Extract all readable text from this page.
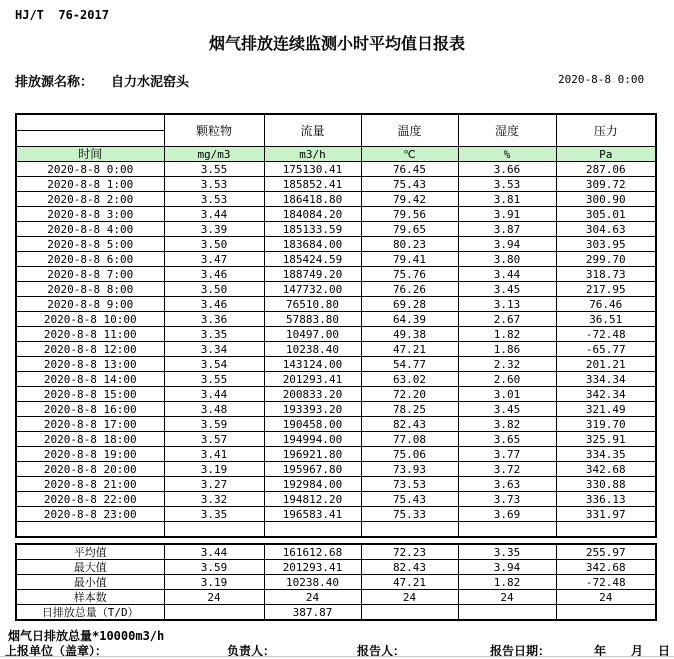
HJ/T  76-2017
烟气排放连续监测小时平均值日报表
排放源名称： 自力水泥窑头	2020-8-8 0:00
	颗粒物	流量	温度	湿度	压力

时间	mg/m3	m3/h	℃	%	Pa
2020-8-8 0:00	3.55	175130.41	76.45	3.66	287.06
2020-8-8 1:00	3.53	185852.41	75.43	3.53	309.72
2020-8-8 2:00	3.53	186418.80	79.42	3.81	300.90
2020-8-8 3:00	3.44	184084.20	79.56	3.91	305.01
2020-8-8 4:00	3.39	185133.59	79.65	3.87	304.63
2020-8-8 5:00	3.50	183684.00	80.23	3.94	303.95
2020-8-8 6:00	3.47	185424.59	79.41	3.80	299.70
2020-8-8 7:00	3.46	188749.20	75.76	3.44	318.73
2020-8-8 8:00	3.50	147732.00	76.26	3.45	217.95
2020-8-8 9:00	3.46	76510.80	69.28	3.13	76.46
2020-8-8 10:00	3.36	57883.80	64.39	2.67	36.51
2020-8-8 11:00	3.35	10497.00	49.38	1.82	-72.48
2020-8-8 12:00	3.34	10238.40	47.21	1.86	-65.77
2020-8-8 13:00	3.54	143124.00	54.77	2.32	201.21
2020-8-8 14:00	3.55	201293.41	63.02	2.60	334.34
2020-8-8 15:00	3.44	200833.20	72.20	3.01	342.34
2020-8-8 16:00	3.48	193393.20	78.25	3.45	321.49
2020-8-8 17:00	3.59	190458.00	82.43	3.82	319.70
2020-8-8 18:00	3.57	194994.00	77.08	3.65	325.91
2020-8-8 19:00	3.41	196921.80	75.06	3.77	334.35
2020-8-8 20:00	3.19	195967.80	73.93	3.72	342.68
2020-8-8 21:00	3.27	192984.00	73.53	3.63	330.88
2020-8-8 22:00	3.32	194812.20	75.43	3.73	336.13
2020-8-8 23:00	3.35	196583.41	75.33	3.69	331.97

平均值	3.44	161612.68	72.23	3.35	255.97
最大值	3.59	201293.41	82.43	3.94	342.68
最小值	3.19	10238.40	47.21	1.82	-72.48
样本数	24	24	24	24	24
日排放总量（T/D）		387.87			
烟气日排放总量*10000m3/h
上报单位（盖章）：	负责人：	报告人：	报告日期：	年 月 日
